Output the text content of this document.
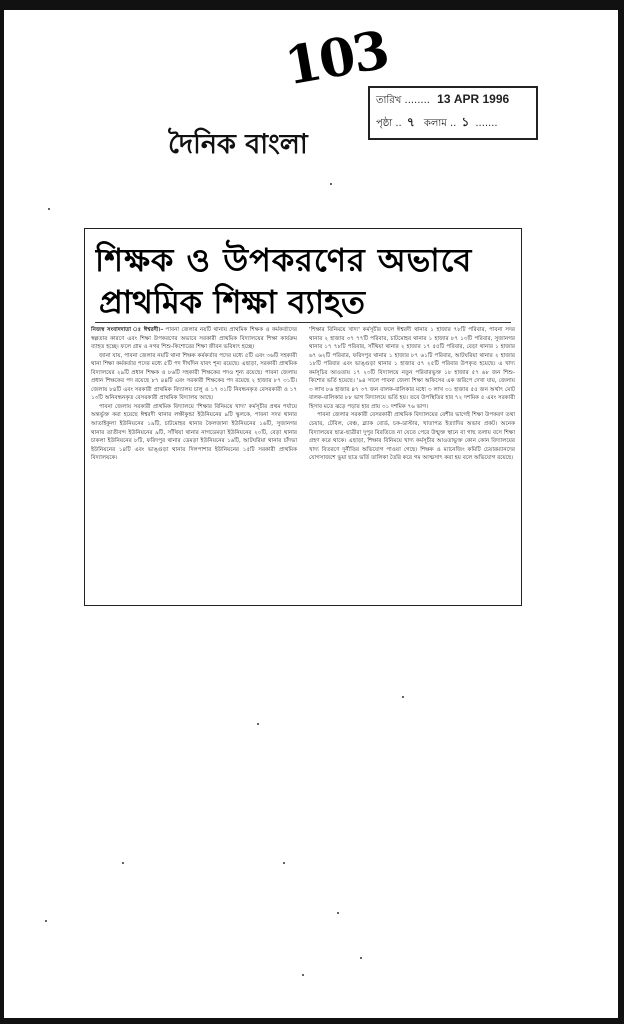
103
তারিখ ........ 13 APR 1996
পৃষ্ঠা .. ৭ কলাম .. ১ .......
দৈনিক বাংলা
শিক্ষক ও উপকরণের অভাবে
প্রাথমিক শিক্ষা ব্যাহত

নিজস্ব সংবাদদাতা ঃ ঈশ্বরদী।– পাবনা জেলার নয়টি থানায় প্রাথমিক শিক্ষক ও কর্মকর্তাদের স্বল্পতার কারণে এবং শিক্ষা উপকরণের অভাবে সরকারী প্রাথমিক বিদ্যালয়ের শিক্ষা কার্যক্রম ব্যাহত হচ্ছে। ফলে গ্রাম ও নগর শিশু-কিশোরের শিক্ষা জীবন ভবিষ্যৎ হচ্ছে।

জানা যায়, পাবনা জেলার নয়টি থানা শিক্ষক কর্মকর্তার পদের মধ্যে ৫টি এবং ৩৬টি সহকারী থানা শিক্ষা কর্মকর্তার পদের মধ্যে ৫টি পদ দীর্ঘদিন যাবৎ শূন্য রয়েছে। এছাড়া, সরকারী প্রাথমিক বিদ্যালয়ের ২৯টি প্রধান শিক্ষক ও ৮৬টি সহকারী শিক্ষকের পদও শূন্য রয়েছে। পাবনা জেলায় প্রধান শিক্ষকের পদ রয়েছে ৮৭ ৪৪টি এবং সরকারী শিক্ষকের পদ রয়েছে ২ হাজার ৮৭ ৩১টি। জেলায় ৮৪টি এবং সরকারী প্রাথমিক বিদ্যালয় চালু ও ১৭ ৩১টি নিবন্ধনকৃত বেসরকারী ও ১৭ ১৩টি অনিবন্ধনকৃত বেসরকারী প্রাথমিক বিদ্যালয় আছে।

পাবনা জেলায় সরকারী প্রাথমিক বিদ্যালয়ে 'শিক্ষার বিনিময়ে খাদ্য' কর্মসূচীর প্রথম পর্যায়ে অন্তর্ভুক্ত করা হয়েছে ঈশ্বরদী থানার লক্ষীকুন্ডা ইউনিয়নের ৯টি স্কুলকে, পাবনা সদর থানার আতাইকুলা ইউনিয়নের ১৯টি, চাটমোহর থানার ফৈলজানা ইউনিয়নের ১৬টি, সুজানগর থানার তাতীবন্দ ইউনিয়নের ৯টি, সাঁথিয়া থানার নাগডেমড়া ইউনিয়নের ২০টি, বেড়া থানার চাকলা ইউনিয়নের ৮টি, ফরিদপুর থানার ডেমড়া ইউনিয়নের ১৬টি, আটঘরিয়া থানার চাঁদভা ইউনিয়নের ১৪টি এবং ভাঙ্গুড়া থানার দিলপাশার ইউনিয়নের ১৫টি সরকারী প্রাথমিক বিদ্যালয়কে।

'শিক্ষার বিনিময়ে খাদ্য' কর্মসূচীর ফলে ঈশ্বরদী থানার ১ হাজার ৭৮টি পরিবার, পাবনা সদর থানার ২ হাজার ৩৭ ৭৭টি পরিবার, চাটমোহর থানার ১ হাজার ৮৭ ১৩টি পরিবার, সুজানগর থানার ১৭ ৭৮টি পরিবার, সাঁথিয়া থানার ২ হাজার ১৭ ৫৫টি পরিবার, বেড়া থানার ১ হাজার ৬৭ ৬২টি পরিবার, ফরিদপুর থানার ১ হাজার ৮৭ ৬১টি পরিবার, আটঘরিয়া থানার ২ হাজার ১৮টি পরিবার এবং ভাঙ্গুড়া থানার ১ হাজার ৫৭ ২৫টি পরিবার উপকৃত হয়েছে। এ খাদ্য কর্মসূচির আওতায় ১৭ ২৩টি বিদ্যালয়ে নতুন পরিবারভুক্ত ১৮ হাজার ৫৭ ৬৮ জন শিশু-কিশোর ভর্তি হয়েছে। '৯৪ সালে পাবনা জেলা শিক্ষা অফিসের এক জরিপে দেখা যায়, জেলায় ৩ লাখ ৮৬ হাজার ৪৭ ৩৭ জন বালক-বালিকার মধ্যে ৩ লাখ ৩১ হাজার ৫৫ জন অর্থাৎ মোট বালক-বালিকার ৮৮ ভাগ বিদ্যালয়ে ভর্তি হয়। তবে উপস্থিতির হার ৭২ দশমিক ৫ এবং সরকারী হিসাব মতে ঝড়ে পড়ার হার প্রায় ৩১ দশমিক ৭৬ ভাগ।

পাবনা জেলার সরকারী বেসরকারী প্রাথমিক বিদ্যালয়ের বেশীর ভাগেই শিক্ষা উপকরণ তথা চেয়ার, টেবিল, বেঞ্চ, ব্ল্যাক বোর্ড, চক-ডাস্টার, খাতাপত্র ইত্যাদির অভাব প্রকট। অনেক বিদ্যালয়ের ছাত্র-ছাত্রীরা দুপুর বিরতিতে না যেতে পেরে উন্মুক্ত স্থানে বা গাছ তলায় বসে শিক্ষা গ্রহণ করে থাকে। এছাড়া, শিক্ষার বিনিময়ে খাদ্য কর্মসূচীর আওতাভুক্ত কোন কোন বিদ্যালয়ের খাদ্য বিতরণে দুর্নীতির অভিযোগ পাওয়া গেছে। শিক্ষক ও ম্যানেজিং কমিটি চেয়ারম্যানদের যোগসাজশে ভুয়া ছাত্র ভর্তি তালিকা তৈরি করে গম আত্মসাৎ করা হয় বলে অভিযোগ রয়েছে।
